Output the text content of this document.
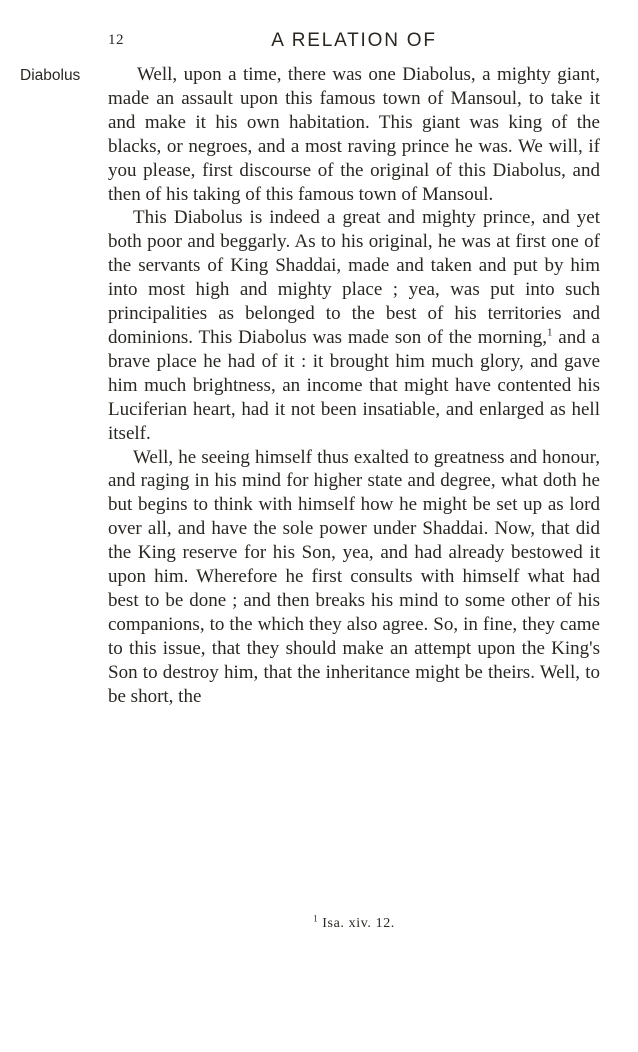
12	A RELATION OF
Diabolus	Well, upon a time, there was one Diabolus, a mighty giant, made an assault upon this famous town of Mansoul, to take it and make it his own habitation. This giant was king of the blacks, or negroes, and a most raving prince he was. We will, if you please, first discourse of the original of this Diabolus, and then of his taking of this famous town of Mansoul.

This Diabolus is indeed a great and mighty prince, and yet both poor and beggarly. As to his original, he was at first one of the servants of King Shaddai, made and taken and put by him into most high and mighty place ; yea, was put into such principalities as belonged to the best of his territories and dominions. This Diabolus was made son of the morning,$^1$ and a brave place he had of it : it brought him much glory, and gave him much brightness, an income that might have contented his Luciferian heart, had it not been insatiable, and enlarged as hell itself.

Well, he seeing himself thus exalted to greatness and honour, and raging in his mind for higher state and degree, what doth he but begins to think with himself how he might be set up as lord over all, and have the sole power under Shaddai. Now, that did the King reserve for his Son, yea, and had already bestowed it upon him. Wherefore he first consults with himself what had best to be done ; and then breaks his mind to some other of his companions, to the which they also agree. So, in fine, they came to this issue, that they should make an attempt upon the King's Son to destroy him, that the inheritance might be theirs. Well, to be short, the

$^1$ Isa. xiv. 12.
